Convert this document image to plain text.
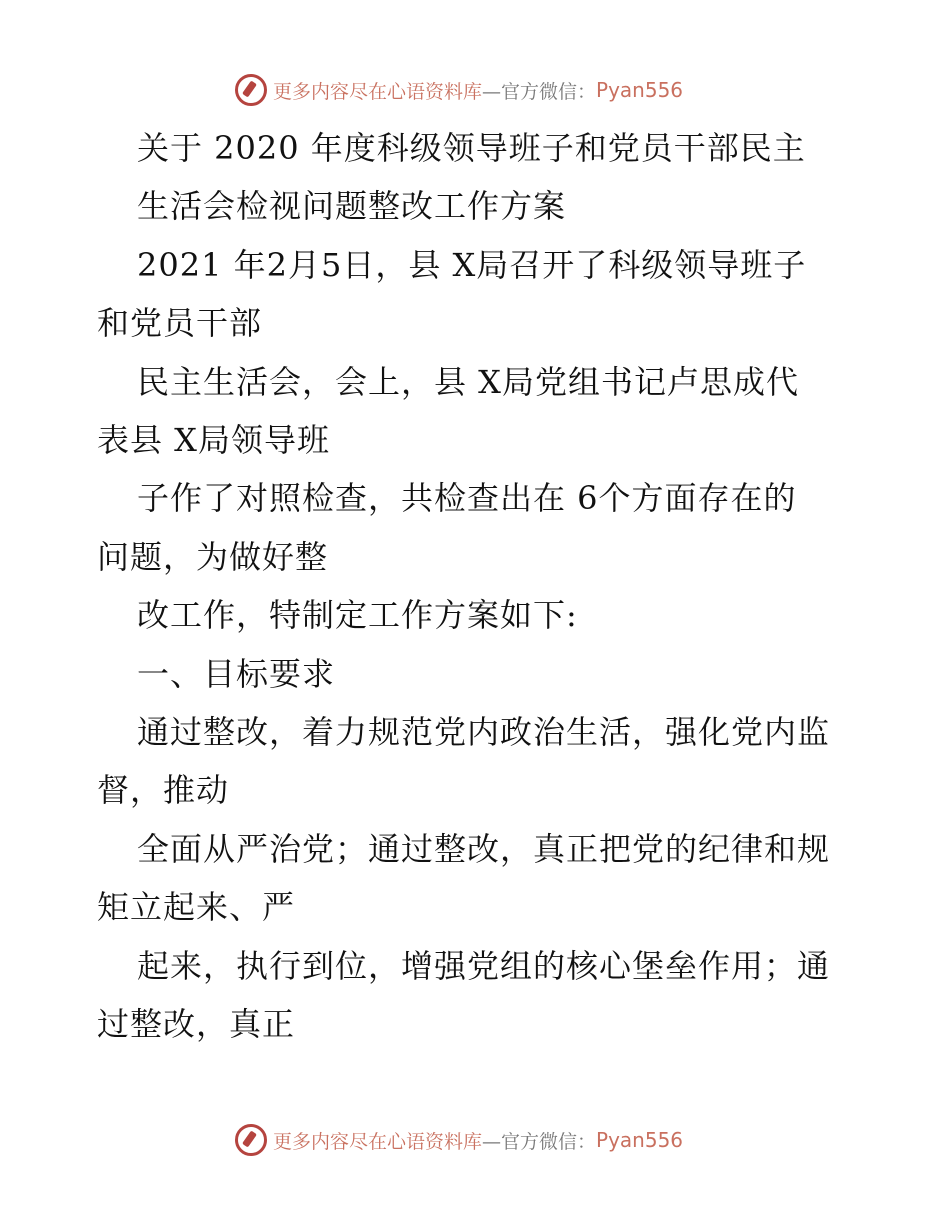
更多内容尽在心语资料库 —官方微信： Pyan556
关于 2020 年度科级领导班子和党员干部民主
生活会检视问题整改工作方案
2021 年2月5日，县 X局召开了科级领导班子
和党员干部
民主生活会，会上，县 X局党组书记卢思成代
表县 X局领导班
子作了对照检查，共检查出在 6个方面存在的
问题，为做好整
改工作，特制定工作方案如下:
一、目标要求
通过整改，着力规范党内政治生活，强化党内监
督，推动
全面从严治党；通过整改，真正把党的纪律和规
矩立起来、严
起来，执行到位，增强党组的核心堡垒作用；通
过整改，真正
更多内容尽在心语资料库 —官方微信： Pyan556
